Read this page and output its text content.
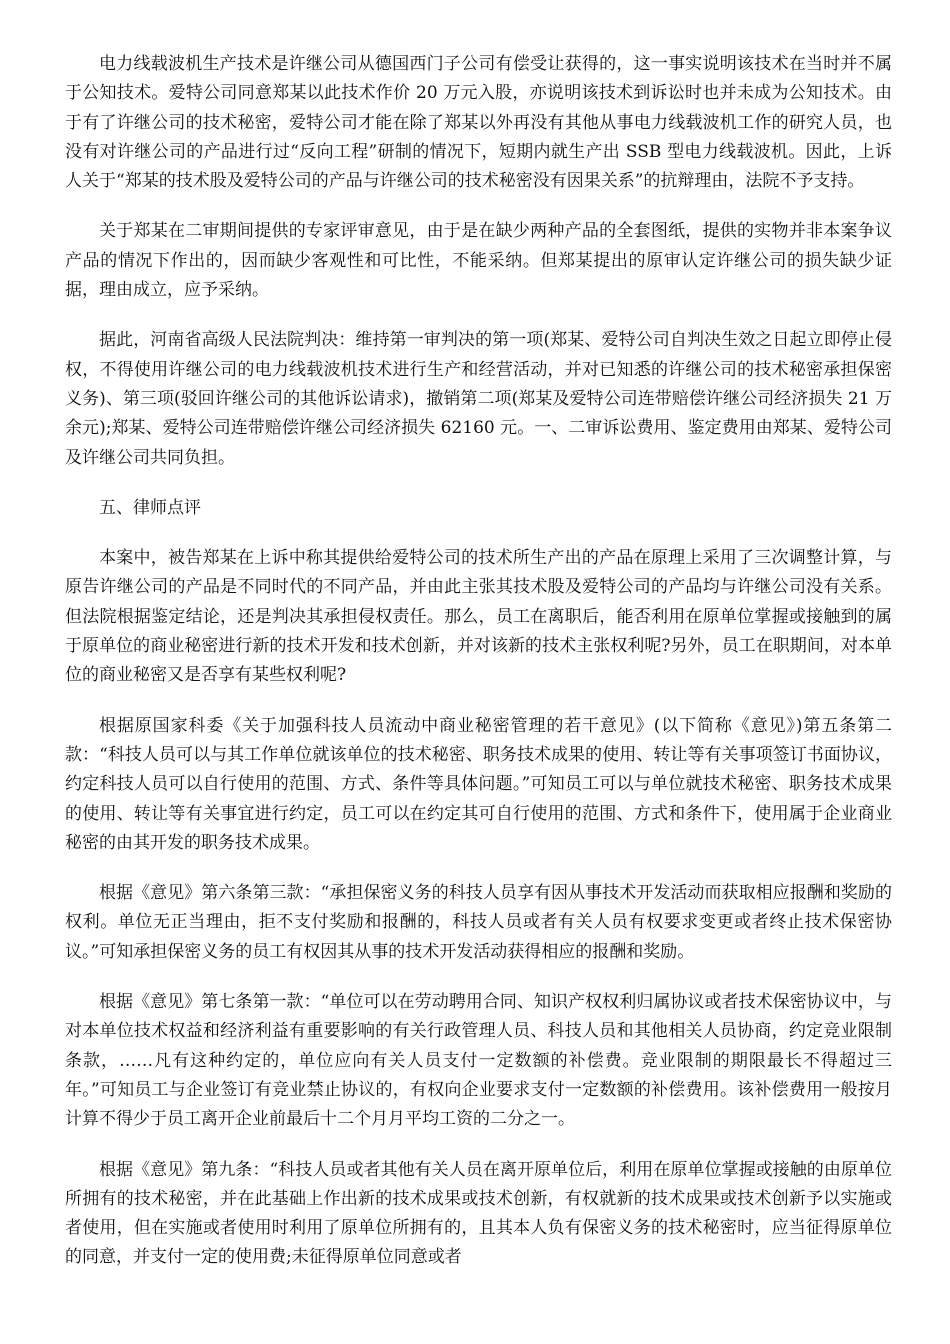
电力线载波机生产技术是许继公司从德国西门子公司有偿受让获得的，这一事实说明该技术在当时并不属于公知技术。爱特公司同意郑某以此技术作价 20 万元入股，亦说明该技术到诉讼时也并未成为公知技术。由于有了许继公司的技术秘密，爱特公司才能在除了郑某以外再没有其他从事电力线载波机工作的研究人员，也没有对许继公司的产品进行过“反向工程”研制的情况下，短期内就生产出 SSB 型电力线载波机。因此，上诉人关于“郑某的技术股及爱特公司的产品与许继公司的技术秘密没有因果关系”的抗辩理由，法院不予支持。

关于郑某在二审期间提供的专家评审意见，由于是在缺少两种产品的全套图纸，提供的实物并非本案争议产品的情况下作出的，因而缺少客观性和可比性，不能采纳。但郑某提出的原审认定许继公司的损失缺少证据，理由成立，应予采纳。

据此，河南省高级人民法院判决：维持第一审判决的第一项(郑某、爱特公司自判决生效之日起立即停止侵权，不得使用许继公司的电力线载波机技术进行生产和经营活动，并对已知悉的许继公司的技术秘密承担保密义务)、第三项(驳回许继公司的其他诉讼请求)，撤销第二项(郑某及爱特公司连带赔偿许继公司经济损失 21 万余元);郑某、爱特公司连带赔偿许继公司经济损失 62160 元。一、二审诉讼费用、鉴定费用由郑某、爱特公司及许继公司共同负担。

五、律师点评

本案中，被告郑某在上诉中称其提供给爱特公司的技术所生产出的产品在原理上采用了三次调整计算，与原告许继公司的产品是不同时代的不同产品，并由此主张其技术股及爱特公司的产品均与许继公司没有关系。但法院根据鉴定结论，还是判决其承担侵权责任。那么，员工在离职后，能否利用在原单位掌握或接触到的属于原单位的商业秘密进行新的技术开发和技术创新，并对该新的技术主张权利呢?另外，员工在职期间，对本单位的商业秘密又是否享有某些权利呢?

根据原国家科委《关于加强科技人员流动中商业秘密管理的若干意见》(以下简称《意见》)第五条第二款：“科技人员可以与其工作单位就该单位的技术秘密、职务技术成果的使用、转让等有关事项签订书面协议，约定科技人员可以自行使用的范围、方式、条件等具体问题。”可知员工可以与单位就技术秘密、职务技术成果的使用、转让等有关事宜进行约定，员工可以在约定其可自行使用的范围、方式和条件下，使用属于企业商业秘密的由其开发的职务技术成果。

根据《意见》第六条第三款：“承担保密义务的科技人员享有因从事技术开发活动而获取相应报酬和奖励的权利。单位无正当理由，拒不支付奖励和报酬的，科技人员或者有关人员有权要求变更或者终止技术保密协议。”可知承担保密义务的员工有权因其从事的技术开发活动获得相应的报酬和奖励。

根据《意见》第七条第一款：“单位可以在劳动聘用合同、知识产权权利归属协议或者技术保密协议中，与对本单位技术权益和经济利益有重要影响的有关行政管理人员、科技人员和其他相关人员协商，约定竞业限制条款，……凡有这种约定的，单位应向有关人员支付一定数额的补偿费。竞业限制的期限最长不得超过三年。”可知员工与企业签订有竞业禁止协议的，有权向企业要求支付一定数额的补偿费用。该补偿费用一般按月计算不得少于员工离开企业前最后十二个月月平均工资的二分之一。

根据《意见》第九条：“科技人员或者其他有关人员在离开原单位后，利用在原单位掌握或接触的由原单位所拥有的技术秘密，并在此基础上作出新的技术成果或技术创新，有权就新的技术成果或技术创新予以实施或者使用，但在实施或者使用时利用了原单位所拥有的，且其本人负有保密义务的技术秘密时，应当征得原单位的同意，并支付一定的使用费;未征得原单位同意或者
